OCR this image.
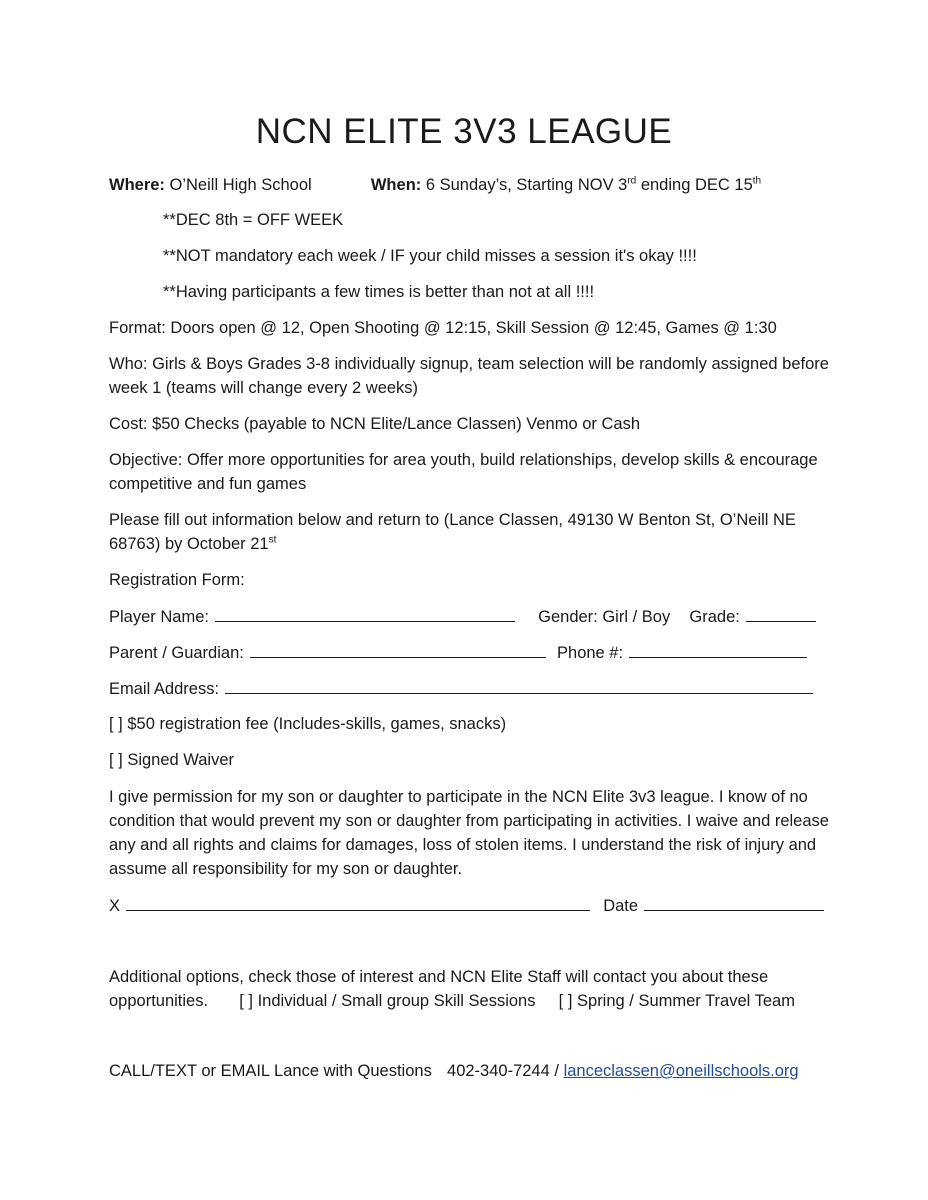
NCN ELITE 3V3 LEAGUE
Where: O’Neill High School	When: 6 Sunday’s, Starting NOV 3rd ending DEC 15th
**DEC 8th = OFF WEEK
**NOT mandatory each week / IF your child misses a session it's okay !!!!
**Having participants a few times is better than not at all !!!!
Format: Doors open @ 12, Open Shooting @ 12:15, Skill Session @ 12:45, Games @ 1:30
Who: Girls & Boys Grades 3-8 individually signup, team selection will be randomly assigned before week 1 (teams will change every 2 weeks)
Cost: $50 Checks (payable to NCN Elite/Lance Classen) Venmo or Cash
Objective: Offer more opportunities for area youth, build relationships, develop skills & encourage competitive and fun games
Please fill out information below and return to (Lance Classen, 49130 W Benton St, O’Neill NE 68763) by October 21st
Registration Form:
Player Name:	Gender: Girl / Boy Grade:
Parent / Guardian:	Phone #:
Email Address:
[ ] $50 registration fee (Includes-skills, games, snacks)
[ ] Signed Waiver
I give permission for my son or daughter to participate in the NCN Elite 3v3 league. I know of no condition that would prevent my son or daughter from participating in activities. I waive and release any and all rights and claims for damages, loss of stolen items. I understand the risk of injury and assume all responsibility for my son or daughter.
X	Date
Additional options, check those of interest and NCN Elite Staff will contact you about these
opportunities. [ ] Individual / Small group Skill Sessions [ ] Spring / Summer Travel Team
CALL/TEXT or EMAIL Lance with Questions 402-340-7244 / lanceclassen@oneillschools.org
